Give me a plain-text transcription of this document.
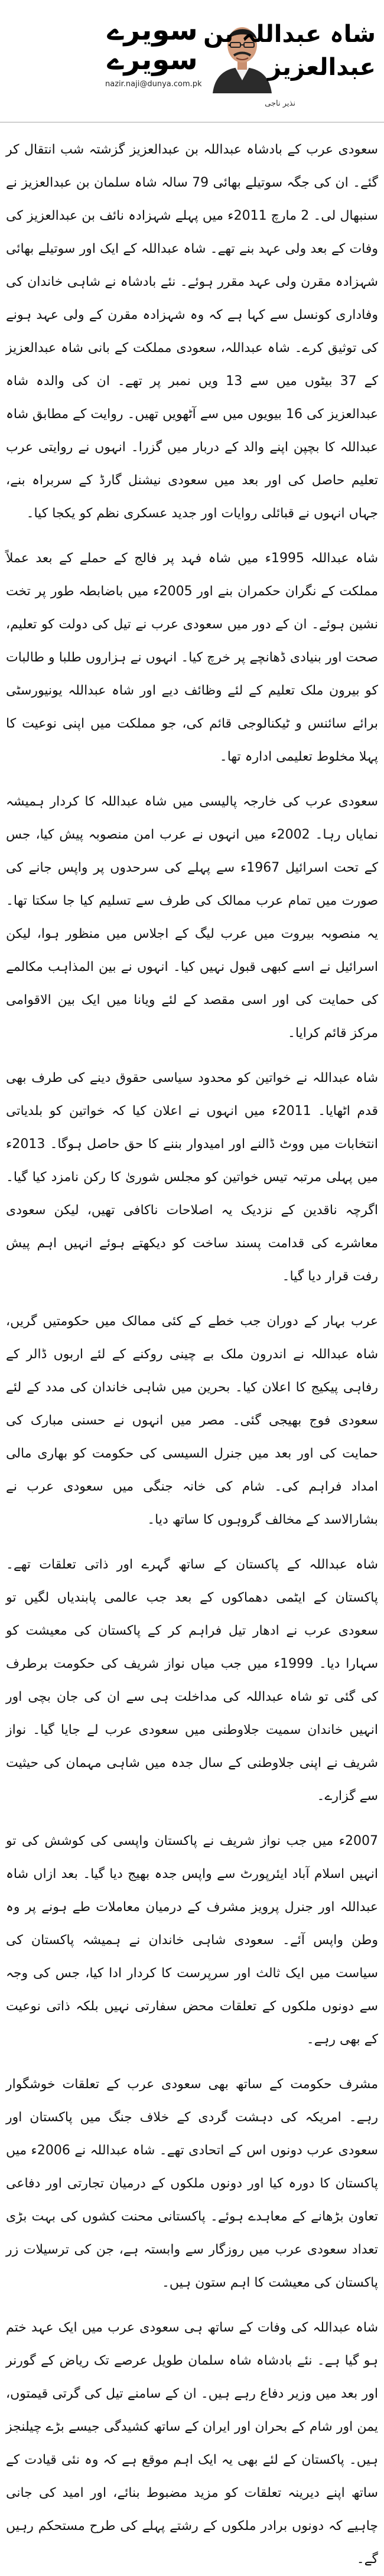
سویرے سویرے
nazir.naji@dunya.com.pk
نذیر ناجی
شاہ عبداللہ بن عبدالعزیز

سعودی عرب کے بادشاہ عبداللہ بن عبدالعزیز گزشتہ شب انتقال کر گئے۔ ان کی جگہ سوتیلے بھائی 79 سالہ شاہ سلمان بن عبدالعزیز نے سنبھال لی۔ 2 مارچ 2011ء میں پہلے شہزادہ نائف بن عبدالعزیز کی وفات کے بعد ولی عہد بنے تھے۔ شاہ عبداللہ کے ایک اور سوتیلے بھائی شہزادہ مقرن ولی عہد مقرر ہوئے۔ نئے بادشاہ نے شاہی خاندان کی وفاداری کونسل سے کہا ہے کہ وہ شہزادہ مقرن کے ولی عہد ہونے کی توثیق کرے۔ شاہ عبداللہ، سعودی مملکت کے بانی شاہ عبدالعزیز کے 37 بیٹوں میں سے 13 ویں نمبر پر تھے۔ ان کی والدہ شاہ عبدالعزیز کی 16 بیویوں میں سے آٹھویں تھیں۔ روایت کے مطابق شاہ عبداللہ کا بچپن اپنے والد کے دربار میں گزرا۔ انہوں نے روایتی عرب تعلیم حاصل کی اور بعد میں سعودی نیشنل گارڈ کے سربراہ بنے، جہاں انہوں نے قبائلی روایات اور جدید عسکری نظم کو یکجا کیا۔

شاہ عبداللہ 1995ء میں شاہ فہد پر فالج کے حملے کے بعد عملاً مملکت کے نگران حکمران بنے اور 2005ء میں باضابطہ طور پر تخت نشین ہوئے۔ ان کے دور میں سعودی عرب نے تیل کی دولت کو تعلیم، صحت اور بنیادی ڈھانچے پر خرچ کیا۔ انہوں نے ہزاروں طلبا و طالبات کو بیرون ملک تعلیم کے لئے وظائف دیے اور شاہ عبداللہ یونیورسٹی برائے سائنس و ٹیکنالوجی قائم کی، جو مملکت میں اپنی نوعیت کا پہلا مخلوط تعلیمی ادارہ تھا۔

سعودی عرب کی خارجہ پالیسی میں شاہ عبداللہ کا کردار ہمیشہ نمایاں رہا۔ 2002ء میں انہوں نے عرب امن منصوبہ پیش کیا، جس کے تحت اسرائیل 1967ء سے پہلے کی سرحدوں پر واپس جانے کی صورت میں تمام عرب ممالک کی طرف سے تسلیم کیا جا سکتا تھا۔ یہ منصوبہ بیروت میں عرب لیگ کے اجلاس میں منظور ہوا، لیکن اسرائیل نے اسے کبھی قبول نہیں کیا۔ انہوں نے بین المذاہب مکالمے کی حمایت کی اور اسی مقصد کے لئے ویانا میں ایک بین الاقوامی مرکز قائم کرایا۔

شاہ عبداللہ نے خواتین کو محدود سیاسی حقوق دینے کی طرف بھی قدم اٹھایا۔ 2011ء میں انہوں نے اعلان کیا کہ خواتین کو بلدیاتی انتخابات میں ووٹ ڈالنے اور امیدوار بننے کا حق حاصل ہوگا۔ 2013ء میں پہلی مرتبہ تیس خواتین کو مجلس شوریٰ کا رکن نامزد کیا گیا۔ اگرچہ ناقدین کے نزدیک یہ اصلاحات ناکافی تھیں، لیکن سعودی معاشرے کی قدامت پسند ساخت کو دیکھتے ہوئے انہیں اہم پیش رفت قرار دیا گیا۔

عرب بہار کے دوران جب خطے کے کئی ممالک میں حکومتیں گریں، شاہ عبداللہ نے اندرون ملک بے چینی روکنے کے لئے اربوں ڈالر کے رفاہی پیکیج کا اعلان کیا۔ بحرین میں شاہی خاندان کی مدد کے لئے سعودی فوج بھیجی گئی۔ مصر میں انہوں نے حسنی مبارک کی حمایت کی اور بعد میں جنرل السیسی کی حکومت کو بھاری مالی امداد فراہم کی۔ شام کی خانہ جنگی میں سعودی عرب نے بشارالاسد کے مخالف گروہوں کا ساتھ دیا۔

شاہ عبداللہ کے پاکستان کے ساتھ گہرے اور ذاتی تعلقات تھے۔ پاکستان کے ایٹمی دھماکوں کے بعد جب عالمی پابندیاں لگیں تو سعودی عرب نے ادھار تیل فراہم کر کے پاکستان کی معیشت کو سہارا دیا۔ 1999ء میں جب میاں نواز شریف کی حکومت برطرف کی گئی تو شاہ عبداللہ کی مداخلت ہی سے ان کی جان بچی اور انہیں خاندان سمیت جلاوطنی میں سعودی عرب لے جایا گیا۔ نواز شریف نے اپنی جلاوطنی کے سال جدہ میں شاہی مہمان کی حیثیت سے گزارے۔

2007ء میں جب نواز شریف نے پاکستان واپسی کی کوشش کی تو انہیں اسلام آباد ایئرپورٹ سے واپس جدہ بھیج دیا گیا۔ بعد ازاں شاہ عبداللہ اور جنرل پرویز مشرف کے درمیان معاملات طے ہونے پر وہ وطن واپس آئے۔ سعودی شاہی خاندان نے ہمیشہ پاکستان کی سیاست میں ایک ثالث اور سرپرست کا کردار ادا کیا، جس کی وجہ سے دونوں ملکوں کے تعلقات محض سفارتی نہیں بلکہ ذاتی نوعیت کے بھی رہے۔

مشرف حکومت کے ساتھ بھی سعودی عرب کے تعلقات خوشگوار رہے۔ امریکہ کی دہشت گردی کے خلاف جنگ میں پاکستان اور سعودی عرب دونوں اس کے اتحادی تھے۔ شاہ عبداللہ نے 2006ء میں پاکستان کا دورہ کیا اور دونوں ملکوں کے درمیان تجارتی اور دفاعی تعاون بڑھانے کے معاہدے ہوئے۔ پاکستانی محنت کشوں کی بہت بڑی تعداد سعودی عرب میں روزگار سے وابستہ ہے، جن کی ترسیلات زر پاکستان کی معیشت کا اہم ستون ہیں۔

شاہ عبداللہ کی وفات کے ساتھ ہی سعودی عرب میں ایک عہد ختم ہو گیا ہے۔ نئے بادشاہ شاہ سلمان طویل عرصے تک ریاض کے گورنر اور بعد میں وزیر دفاع رہے ہیں۔ ان کے سامنے تیل کی گرتی قیمتوں، یمن اور شام کے بحران اور ایران کے ساتھ کشیدگی جیسے بڑے چیلنجز ہیں۔ پاکستان کے لئے بھی یہ ایک اہم موقع ہے کہ وہ نئی قیادت کے ساتھ اپنے دیرینہ تعلقات کو مزید مضبوط بنائے، اور امید کی جانی چاہیے کہ دونوں برادر ملکوں کے رشتے پہلے کی طرح مستحکم رہیں گے۔
